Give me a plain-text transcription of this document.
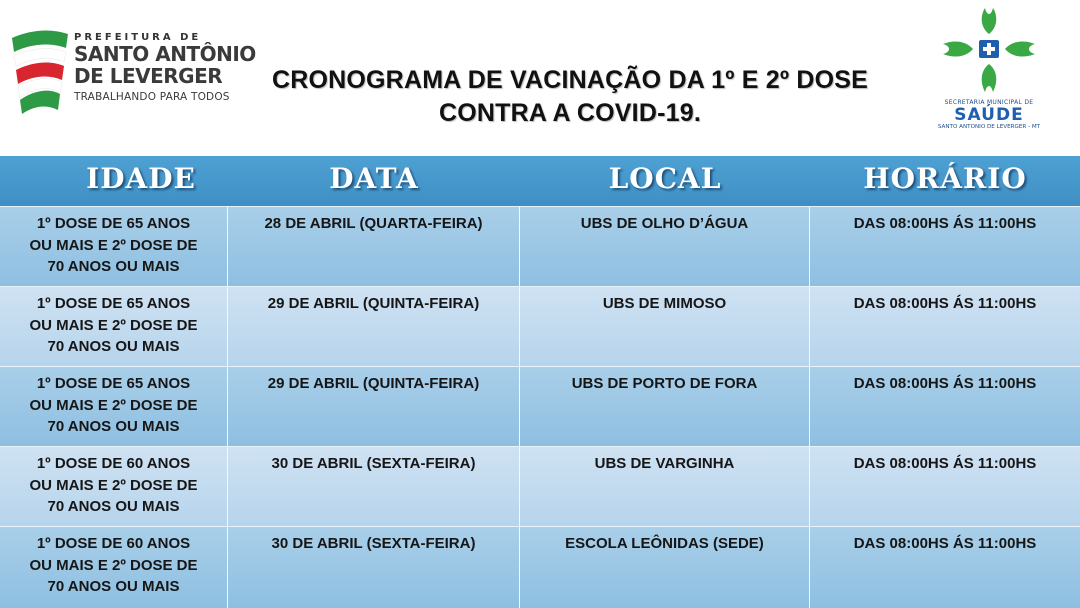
PREFEITURA DE
SANTO ANTÔNIO
DE LEVERGER
TRABALHANDO PARA TODOS
CRONOGRAMA DE VACINAÇÃO DA 1º E 2º DOSE
CONTRA A COVID-19.	SECRETARIA MUNICIPAL DE
SAÚDE
SANTO ANTONIO DE LEVERGER - MT
IDADE	DATA	LOCAL	HORÁRIO
1º DOSE DE 65 ANOS
OU MAIS E 2º DOSE DE
70 ANOS OU MAIS
28 DE ABRIL (QUARTA-FEIRA)	UBS DE OLHO D’ÁGUA	DAS 08:00HS ÁS 11:00HS
1º DOSE DE 65 ANOS
OU MAIS E 2º DOSE DE
70 ANOS OU MAIS
29 DE ABRIL (QUINTA-FEIRA)	UBS DE MIMOSO	DAS 08:00HS ÁS 11:00HS
1º DOSE DE 65 ANOS
OU MAIS E 2º DOSE DE
70 ANOS OU MAIS
29 DE ABRIL (QUINTA-FEIRA)	UBS DE PORTO DE FORA	DAS 08:00HS ÁS 11:00HS
1º DOSE DE 60 ANOS
OU MAIS E 2º DOSE DE
70 ANOS OU MAIS
30 DE ABRIL (SEXTA-FEIRA)	UBS DE VARGINHA	DAS 08:00HS ÁS 11:00HS
1º DOSE DE 60 ANOS
OU MAIS E 2º DOSE DE
70 ANOS OU MAIS
30 DE ABRIL (SEXTA-FEIRA)	ESCOLA LEÔNIDAS (SEDE)	DAS 08:00HS ÁS 11:00HS
